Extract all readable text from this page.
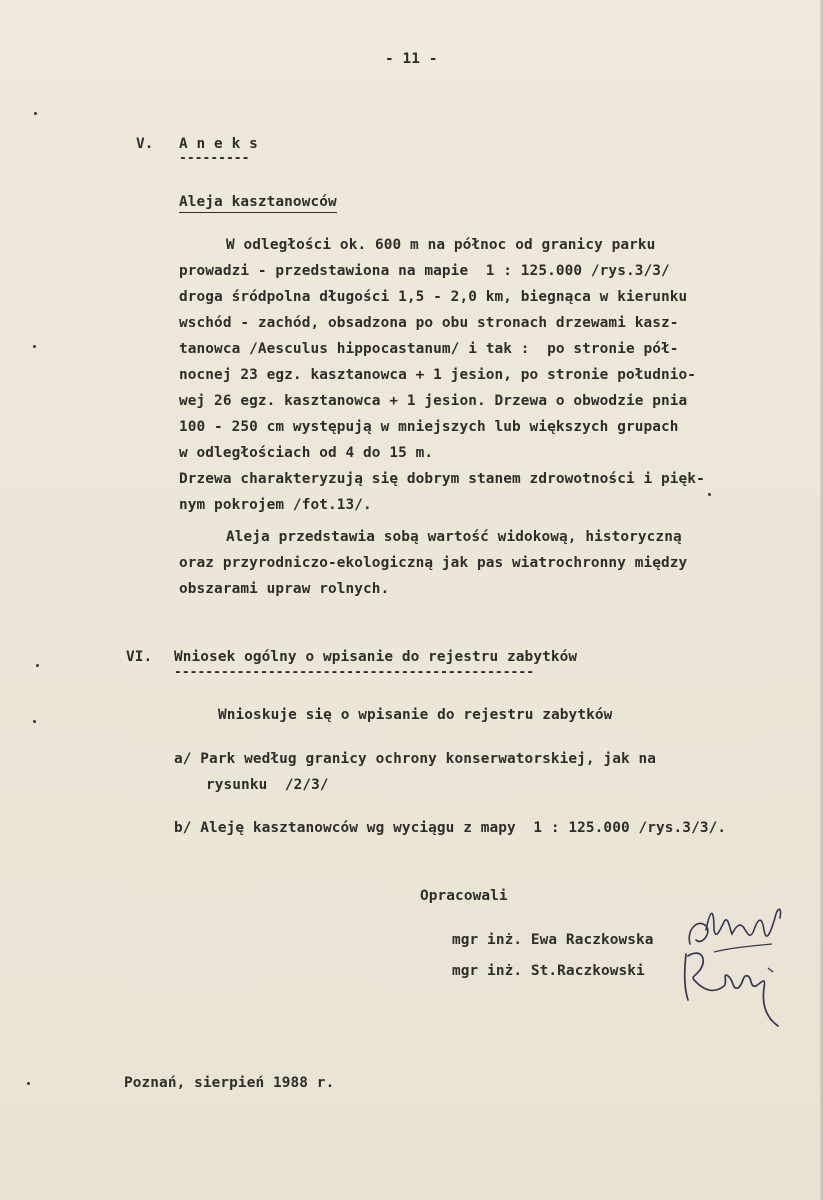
- 11 -
V. A n e k s
---------
Aleja kasztanowców
W odległości ok. 600 m na północ od granicy parku
prowadzi - przedstawiona na mapie  1 : 125.000 /rys.3/3/
droga śródpolna długości 1,5 - 2,0 km, biegnąca w kierunku
wschód - zachód, obsadzona po obu stronach drzewami kasz-
tanowca /Aesculus hippocastanum/ i tak :  po stronie pół-
nocnej 23 egz. kasztanowca + 1 jesion, po stronie południo-
wej 26 egz. kasztanowca + 1 jesion. Drzewa o obwodzie pnia
100 - 250 cm występują w mniejszych lub większych grupach
w odległościach od 4 do 15 m.
Drzewa charakteryzują się dobrym stanem zdrowotności i pięk-
nym pokrojem /fot.13/.
Aleja przedstawia sobą wartość widokową, historyczną
oraz przyrodniczo-ekologiczną jak pas wiatrochronny między
obszarami upraw rolnych.
VI. Wniosek ogólny o wpisanie do rejestru zabytków
----------------------------------------------
Wnioskuje się o wpisanie do rejestru zabytków
a/ Park według granicy ochrony konserwatorskiej, jak na
rysunku  /2/3/
b/ Aleję kasztanowców wg wyciągu z mapy  1 : 125.000 /rys.3/3/.
Opracowali
mgr inż. Ewa Raczkowska
mgr inż. St.Raczkowski
Poznań, sierpień 1988 r.
